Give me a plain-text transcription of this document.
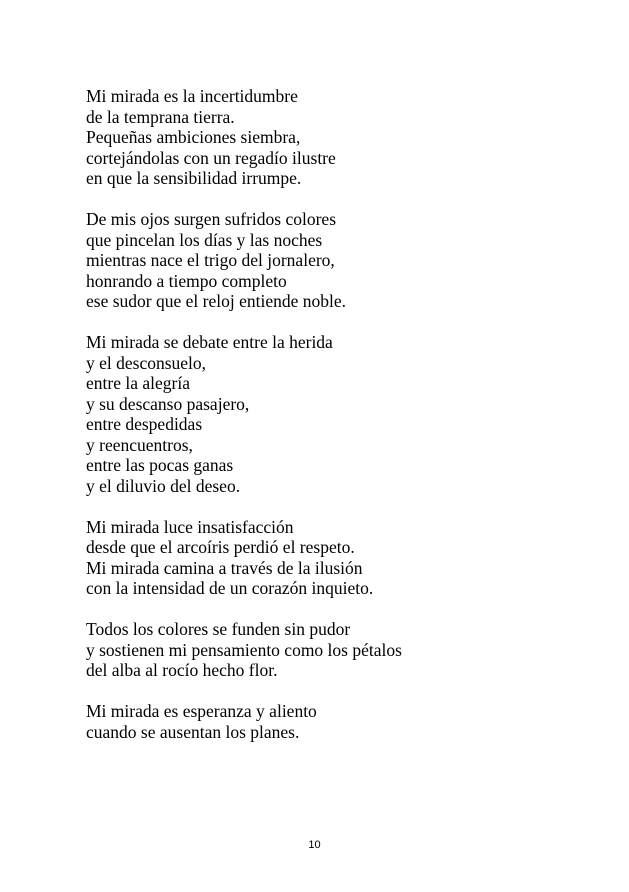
Mi mirada es la incertidumbre
de la temprana tierra.
Pequeñas ambiciones siembra,
cortejándolas con un regadío ilustre
en que la sensibilidad irrumpe.
De mis ojos surgen sufridos colores
que pincelan los días y las noches
mientras nace el trigo del jornalero,
honrando a tiempo completo
ese sudor que el reloj entiende noble.
Mi mirada se debate entre la herida
y el desconsuelo,
entre la alegría
y su descanso pasajero,
entre despedidas
y reencuentros,
entre las pocas ganas
y el diluvio del deseo.
Mi mirada luce insatisfacción
desde que el arcoíris perdió el respeto.
Mi mirada camina a través de la ilusión
con la intensidad de un corazón inquieto.
Todos los colores se funden sin pudor
y sostienen mi pensamiento como los pétalos
del alba al rocío hecho flor.
Mi mirada es esperanza y aliento
cuando se ausentan los planes.
10
